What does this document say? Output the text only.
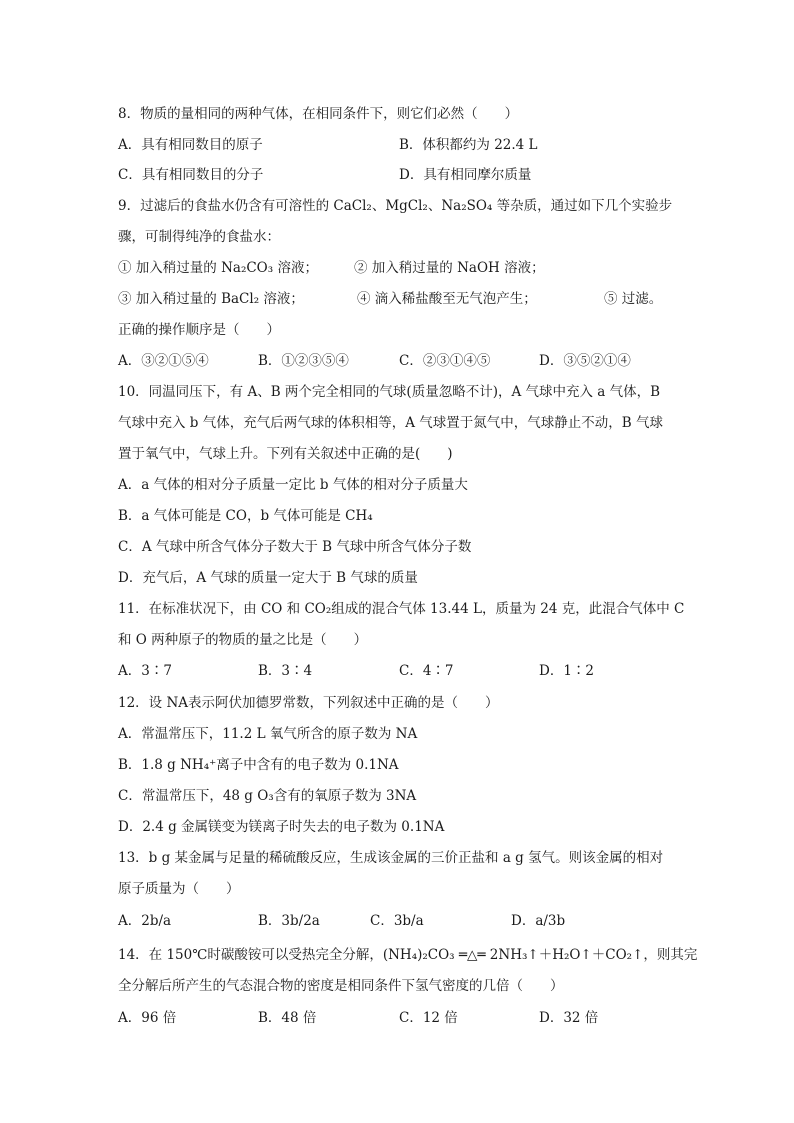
8．物质的量相同的两种气体，在相同条件下，则它们必然（　　）
A．具有相同数目的原子	B．体积都约为 22.4 L
C．具有相同数目的分子	D．具有相同摩尔质量
9．过滤后的食盐水仍含有可溶性的 CaCl₂、MgCl₂、Na₂SO₄ 等杂质，通过如下几个实验步
骤，可制得纯净的食盐水：
① 加入稍过量的 Na₂CO₃ 溶液；	② 加入稍过量的 NaOH 溶液；
③ 加入稍过量的 BaCl₂ 溶液；	④ 滴入稀盐酸至无气泡产生；	⑤ 过滤。
正确的操作顺序是（　　）
A．③②①⑤④	B．①②③⑤④	C．②③①④⑤	D．③⑤②①④
10．同温同压下，有 A、B 两个完全相同的气球(质量忽略不计)，A 气球中充入 a 气体，B
气球中充入 b 气体，充气后两气球的体积相等，A 气球置于氮气中，气球静止不动，B 气球
置于氧气中，气球上升。下列有关叙述中正确的是(　　)
A．a 气体的相对分子质量一定比 b 气体的相对分子质量大
B．a 气体可能是 CO，b 气体可能是 CH₄
C．A 气球中所含气体分子数大于 B 气球中所含气体分子数
D．充气后，A 气球的质量一定大于 B 气球的质量
11．在标准状况下，由 CO 和 CO₂组成的混合气体 13.44 L，质量为 24 克，此混合气体中 C
和 O 两种原子的物质的量之比是（　　）
A．3∶7	B．3∶4	C．4∶7	D．1∶2
12．设 NA表示阿伏加德罗常数，下列叙述中正确的是（　　）
A．常温常压下，11.2 L 氧气所含的原子数为 NA
B．1.8 g NH₄⁺离子中含有的电子数为 0.1NA
C．常温常压下，48 g O₃含有的氧原子数为 3NA
D．2.4 g 金属镁变为镁离子时失去的电子数为 0.1NA
13．b g 某金属与足量的稀硫酸反应，生成该金属的三价正盐和 a g 氢气。则该金属的相对
原子质量为（　　）
A．2b/a	B．3b/2a	C．3b/a	D．a/3b
14．在 150℃时碳酸铵可以受热完全分解，(NH₄)₂CO₃ ═△═ 2NH₃↑＋H₂O↑＋CO₂↑，则其完
全分解后所产生的气态混合物的密度是相同条件下氢气密度的几倍（　　）
A．96 倍	B．48 倍	C．12 倍	D．32 倍
